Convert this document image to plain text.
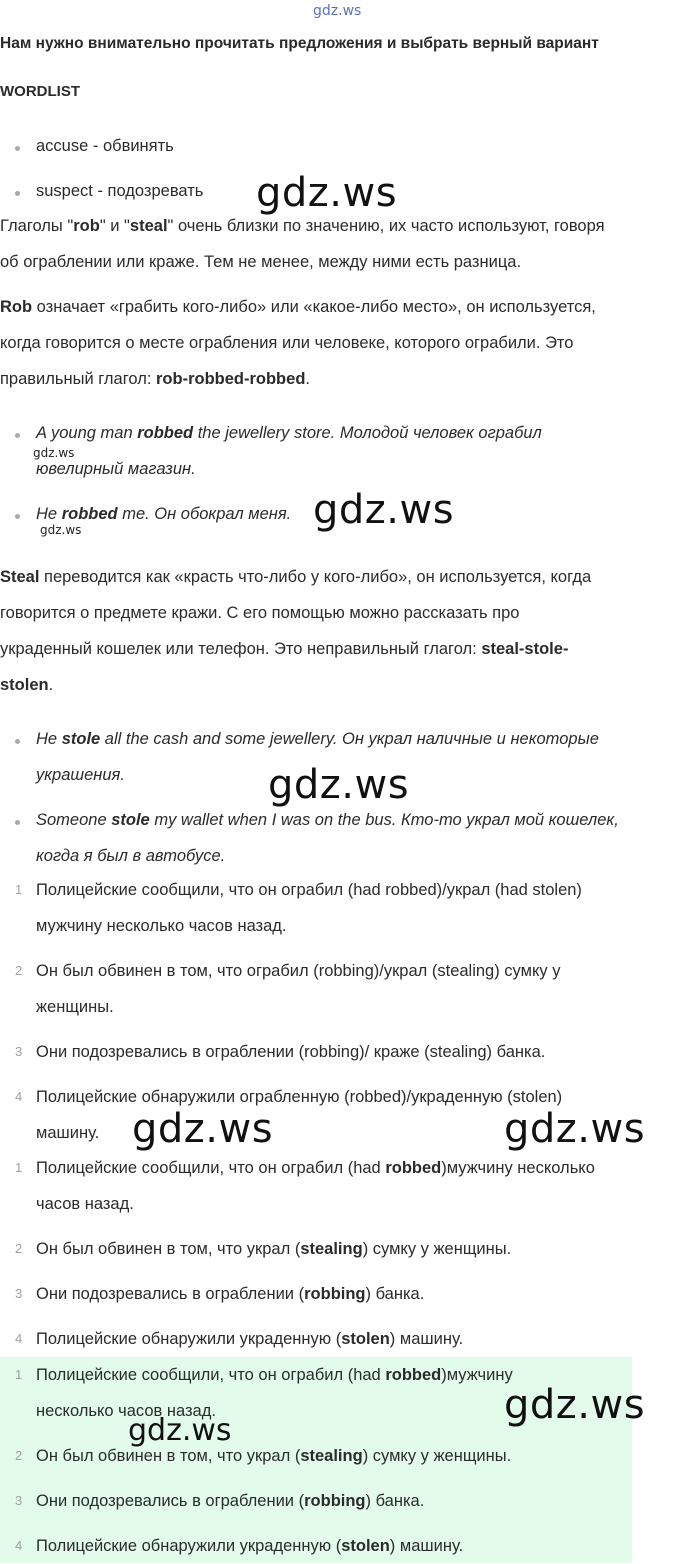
gdz.ws

Нам нужно внимательно прочитать предложения и выбрать верный вариант

WORDLIST

accuse - обвинять

suspect - подозревать

Глаголы "rob" и "steal" очень близки по значению, их часто используют, говоря

об ограблении или краже. Тем не менее, между ними есть разница.

Rob означает «грабить кого-либо» или «какое-либо место», он используется,

когда говорится о месте ограбления или человеке, которого ограбили. Это

правильный глагол: rob-robbed-robbed.

A young man robbed the jewellery store. Молодой человек ограбил

ювелирный магазин.

He robbed me. Он обокрал меня.

Steal переводится как «красть что-либо у кого-либо», он используется, когда

говорится о предмете кражи. С его помощью можно рассказать про

украденный кошелек или телефон. Это неправильный глагол: steal-stole-

stolen.

He stole all the cash and some jewellery. Он украл наличные и некоторые

украшения.

Someone stole my wallet when I was on the bus. Кто-то украл мой кошелек,

когда я был в автобусе.

1 Полицейские сообщили, что он ограбил (had robbed)/украл (had stolen)

мужчину несколько часов назад.

2 Он был обвинен в том, что ограбил (robbing)/украл (stealing) сумку у

женщины.

3 Они подозревались в ограблении (robbing)/ краже (stealing) банка.

4 Полицейские обнаружили ограбленную (robbed)/украденную (stolen)

машину.

1 Полицейские сообщили, что он ограбил (had robbed)мужчину несколько

часов назад.

2 Он был обвинен в том, что украл (stealing) сумку у женщины.

3 Они подозревались в ограблении (robbing) банка.

4 Полицейские обнаружили украденную (stolen) машину.

1 Полицейские сообщили, что он ограбил (had robbed)мужчину

несколько часов назад.

2 Он был обвинен в том, что украл (stealing) сумку у женщины.

3 Они подозревались в ограблении (robbing) банка.

4 Полицейские обнаружили украденную (stolen) машину.

gdz.ws
gdz.ws
gdz.ws
gdz.ws	gdz.ws
gdz.ws
gdz.ws
gdz.ws
gdz.ws
